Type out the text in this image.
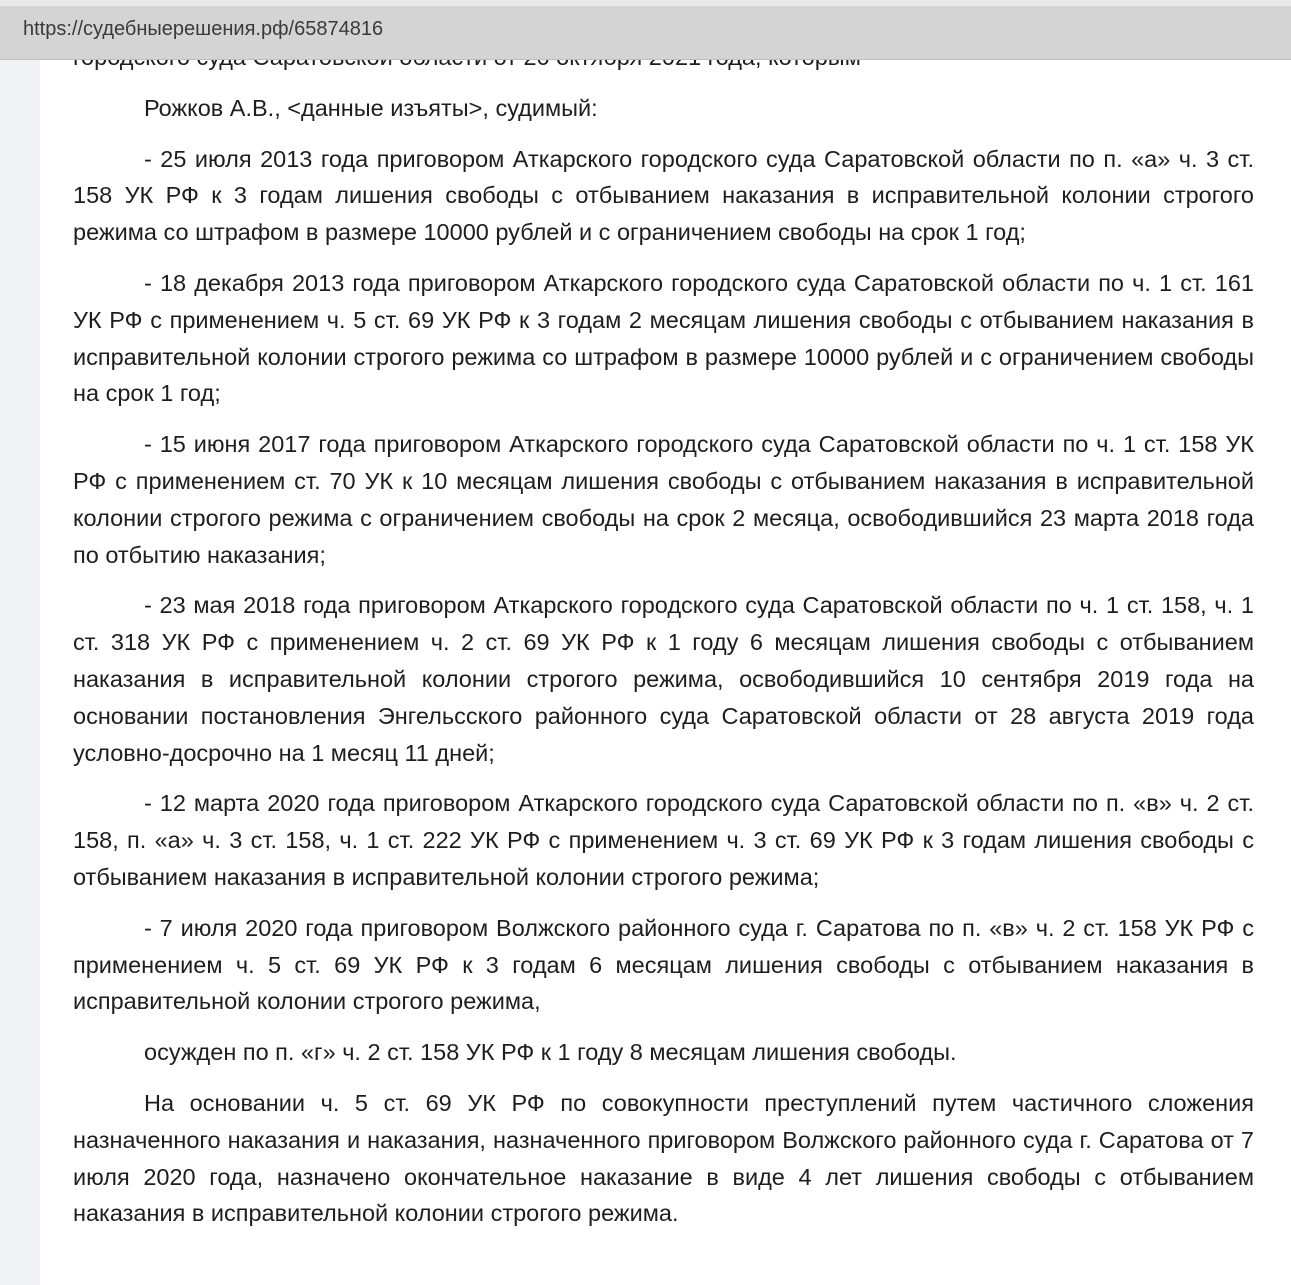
Рожков А.В., <данные изъяты>, судимый:

- 25 июля 2013 года приговором Аткарского городского суда Саратовской области по п. «а» ч. 3 ст. 158 УК РФ к 3 годам лишения свободы с отбыванием наказания в исправительной колонии строгого режима со штрафом в размере 10000 рублей и с ограничением свободы на срок 1 год;

- 18 декабря 2013 года приговором Аткарского городского суда Саратовской области по ч. 1 ст. 161 УК РФ с применением ч. 5 ст. 69 УК РФ к 3 годам 2 месяцам лишения свободы с отбыванием наказания в исправительной колонии строгого режима со штрафом в размере 10000 рублей и с ограничением свободы на срок 1 год;

- 15 июня 2017 года приговором Аткарского городского суда Саратовской области по ч. 1 ст. 158 УК РФ с применением ст. 70 УК к 10 месяцам лишения свободы с отбыванием наказания в исправительной колонии строгого режима с ограничением свободы на срок 2 месяца, освободившийся 23 марта 2018 года по отбытию наказания;

- 23 мая 2018 года приговором Аткарского городского суда Саратовской области по ч. 1 ст. 158, ч. 1 ст. 318 УК РФ с применением ч. 2 ст. 69 УК РФ к 1 году 6 месяцам лишения свободы с отбыванием наказания в исправительной колонии строгого режима, освободившийся 10 сентября 2019 года на основании постановления Энгельсского районного суда Саратовской области от 28 августа 2019 года условно-досрочно на 1 месяц 11 дней;

- 12 марта 2020 года приговором Аткарского городского суда Саратовской области по п. «в» ч. 2 ст. 158, п. «а» ч. 3 ст. 158, ч. 1 ст. 222 УК РФ с применением ч. 3 ст. 69 УК РФ к 3 годам лишения свободы с отбыванием наказания в исправительной колонии строгого режима;

- 7 июля 2020 года приговором Волжского районного суда г. Саратова по п. «в» ч. 2 ст. 158 УК РФ с применением ч. 5 ст. 69 УК РФ к 3 годам 6 месяцам лишения свободы с отбыванием наказания в исправительной колонии строгого режима,

осужден по п. «г» ч. 2 ст. 158 УК РФ к 1 году 8 месяцам лишения свободы.

На основании ч. 5 ст. 69 УК РФ по совокупности преступлений путем частичного сложения назначенного наказания и наказания, назначенного приговором Волжского районного суда г. Саратова от 7 июля 2020 года, назначено окончательное наказание в виде 4 лет лишения свободы с отбыванием наказания в исправительной колонии строгого режима.

https://судебныерешения.рф/65874816
